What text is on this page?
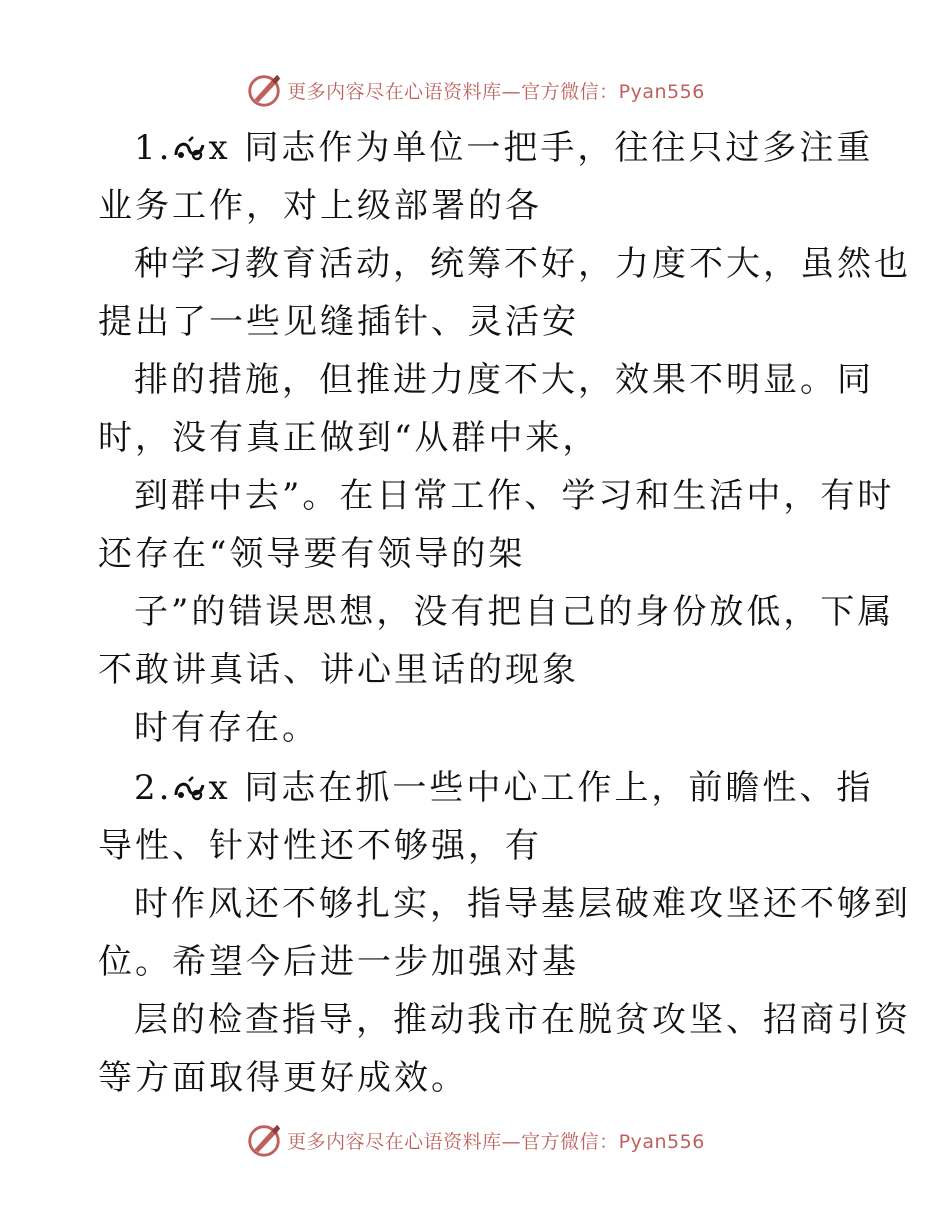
更多内容尽在心语资料库—官方微信：Pyan556
1. x 同志作为单位一把手，往往只过多注重
业务工作，对上级部署的各
种学习教育活动，统筹不好，力度不大，虽然也
提出了一些见缝插针、灵活安
排的措施，但推进力度不大，效果不明显。同
时，没有真正做到“从群中来，
到群中去”。在日常工作、学习和生活中，有时
还存在“领导要有领导的架
子”的错误思想，没有把自己的身份放低，下属
不敢讲真话、讲心里话的现象
时有存在。
2. x 同志在抓一些中心工作上，前瞻性、指
导性、针对性还不够强，有
时作风还不够扎实，指导基层破难攻坚还不够到
位。希望今后进一步加强对基
层的检查指导，推动我市在脱贫攻坚、招商引资
等方面取得更好成效。
更多内容尽在心语资料库—官方微信：Pyan556
